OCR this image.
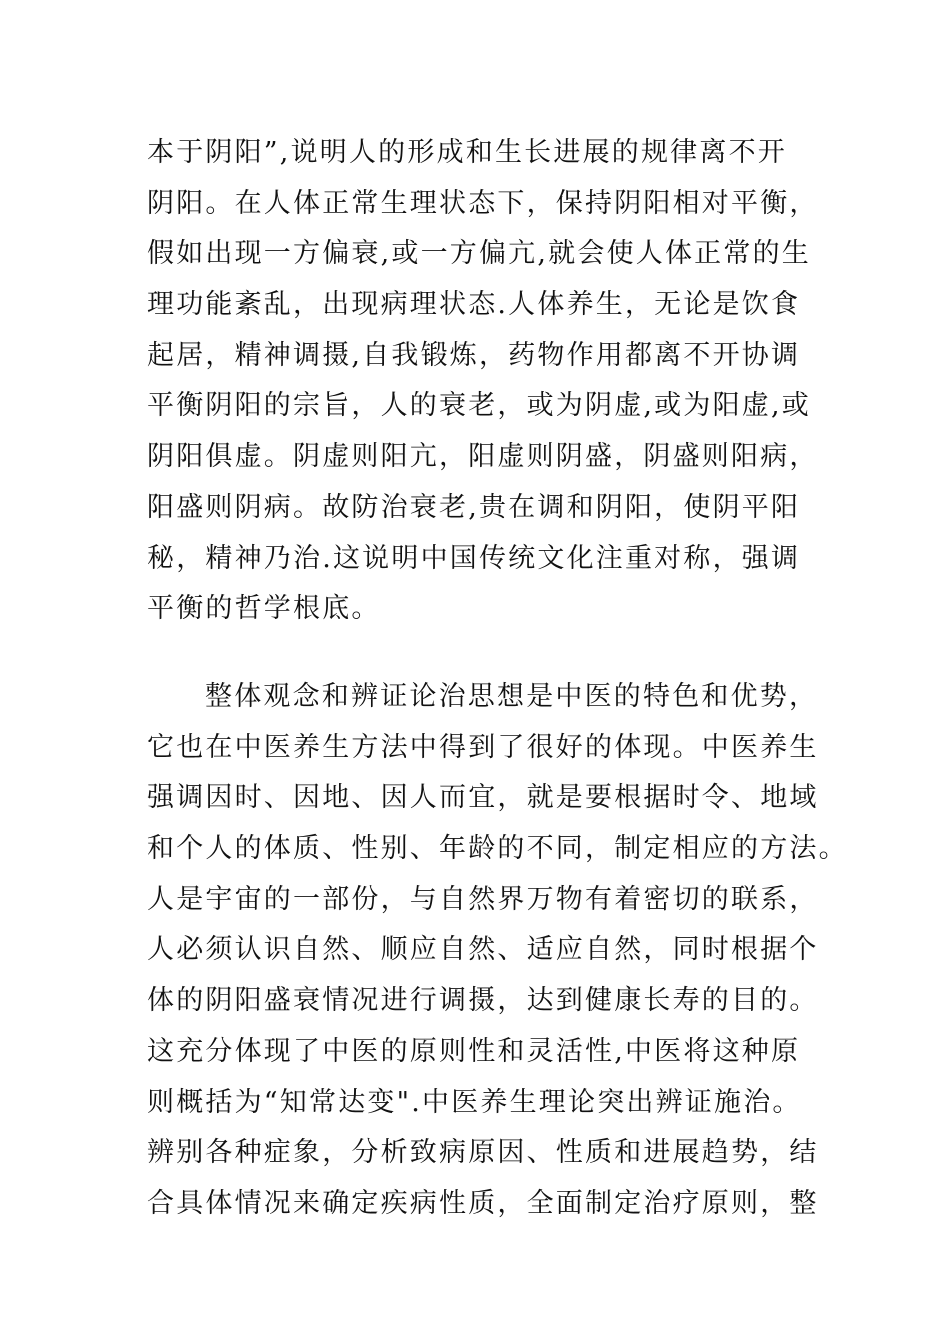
本于阴阳”,说明人的形成和生长进展的规律离不开
阴阳。在人体正常生理状态下，保持阴阳相对平衡，
假如出现一方偏衰,或一方偏亢,就会使人体正常的生
理功能紊乱，出现病理状态.人体养生，无论是饮食
起居，精神调摄,自我锻炼，药物作用都离不开协调
平衡阴阳的宗旨，人的衰老，或为阴虚,或为阳虚,或
阴阳俱虚。阴虚则阳亢，阳虚则阴盛，阴盛则阳病，
阳盛则阴病。故防治衰老,贵在调和阴阳，使阴平阳
秘，精神乃治.这说明中国传统文化注重对称，强调
平衡的哲学根底。
整体观念和辨证论治思想是中医的特色和优势，
它也在中医养生方法中得到了很好的体现。中医养生
强调因时、因地、因人而宜，就是要根据时令、地域
和个人的体质、性别、年龄的不同，制定相应的方法。
人是宇宙的一部份，与自然界万物有着密切的联系，
人必须认识自然、顺应自然、适应自然，同时根据个
体的阴阳盛衰情况进行调摄，达到健康长寿的目的。
这充分体现了中医的原则性和灵活性,中医将这种原
则概括为“知常达变".中医养生理论突出辨证施治。
辨别各种症象，分析致病原因、性质和进展趋势，结
合具体情况来确定疾病性质，全面制定治疗原则，整
